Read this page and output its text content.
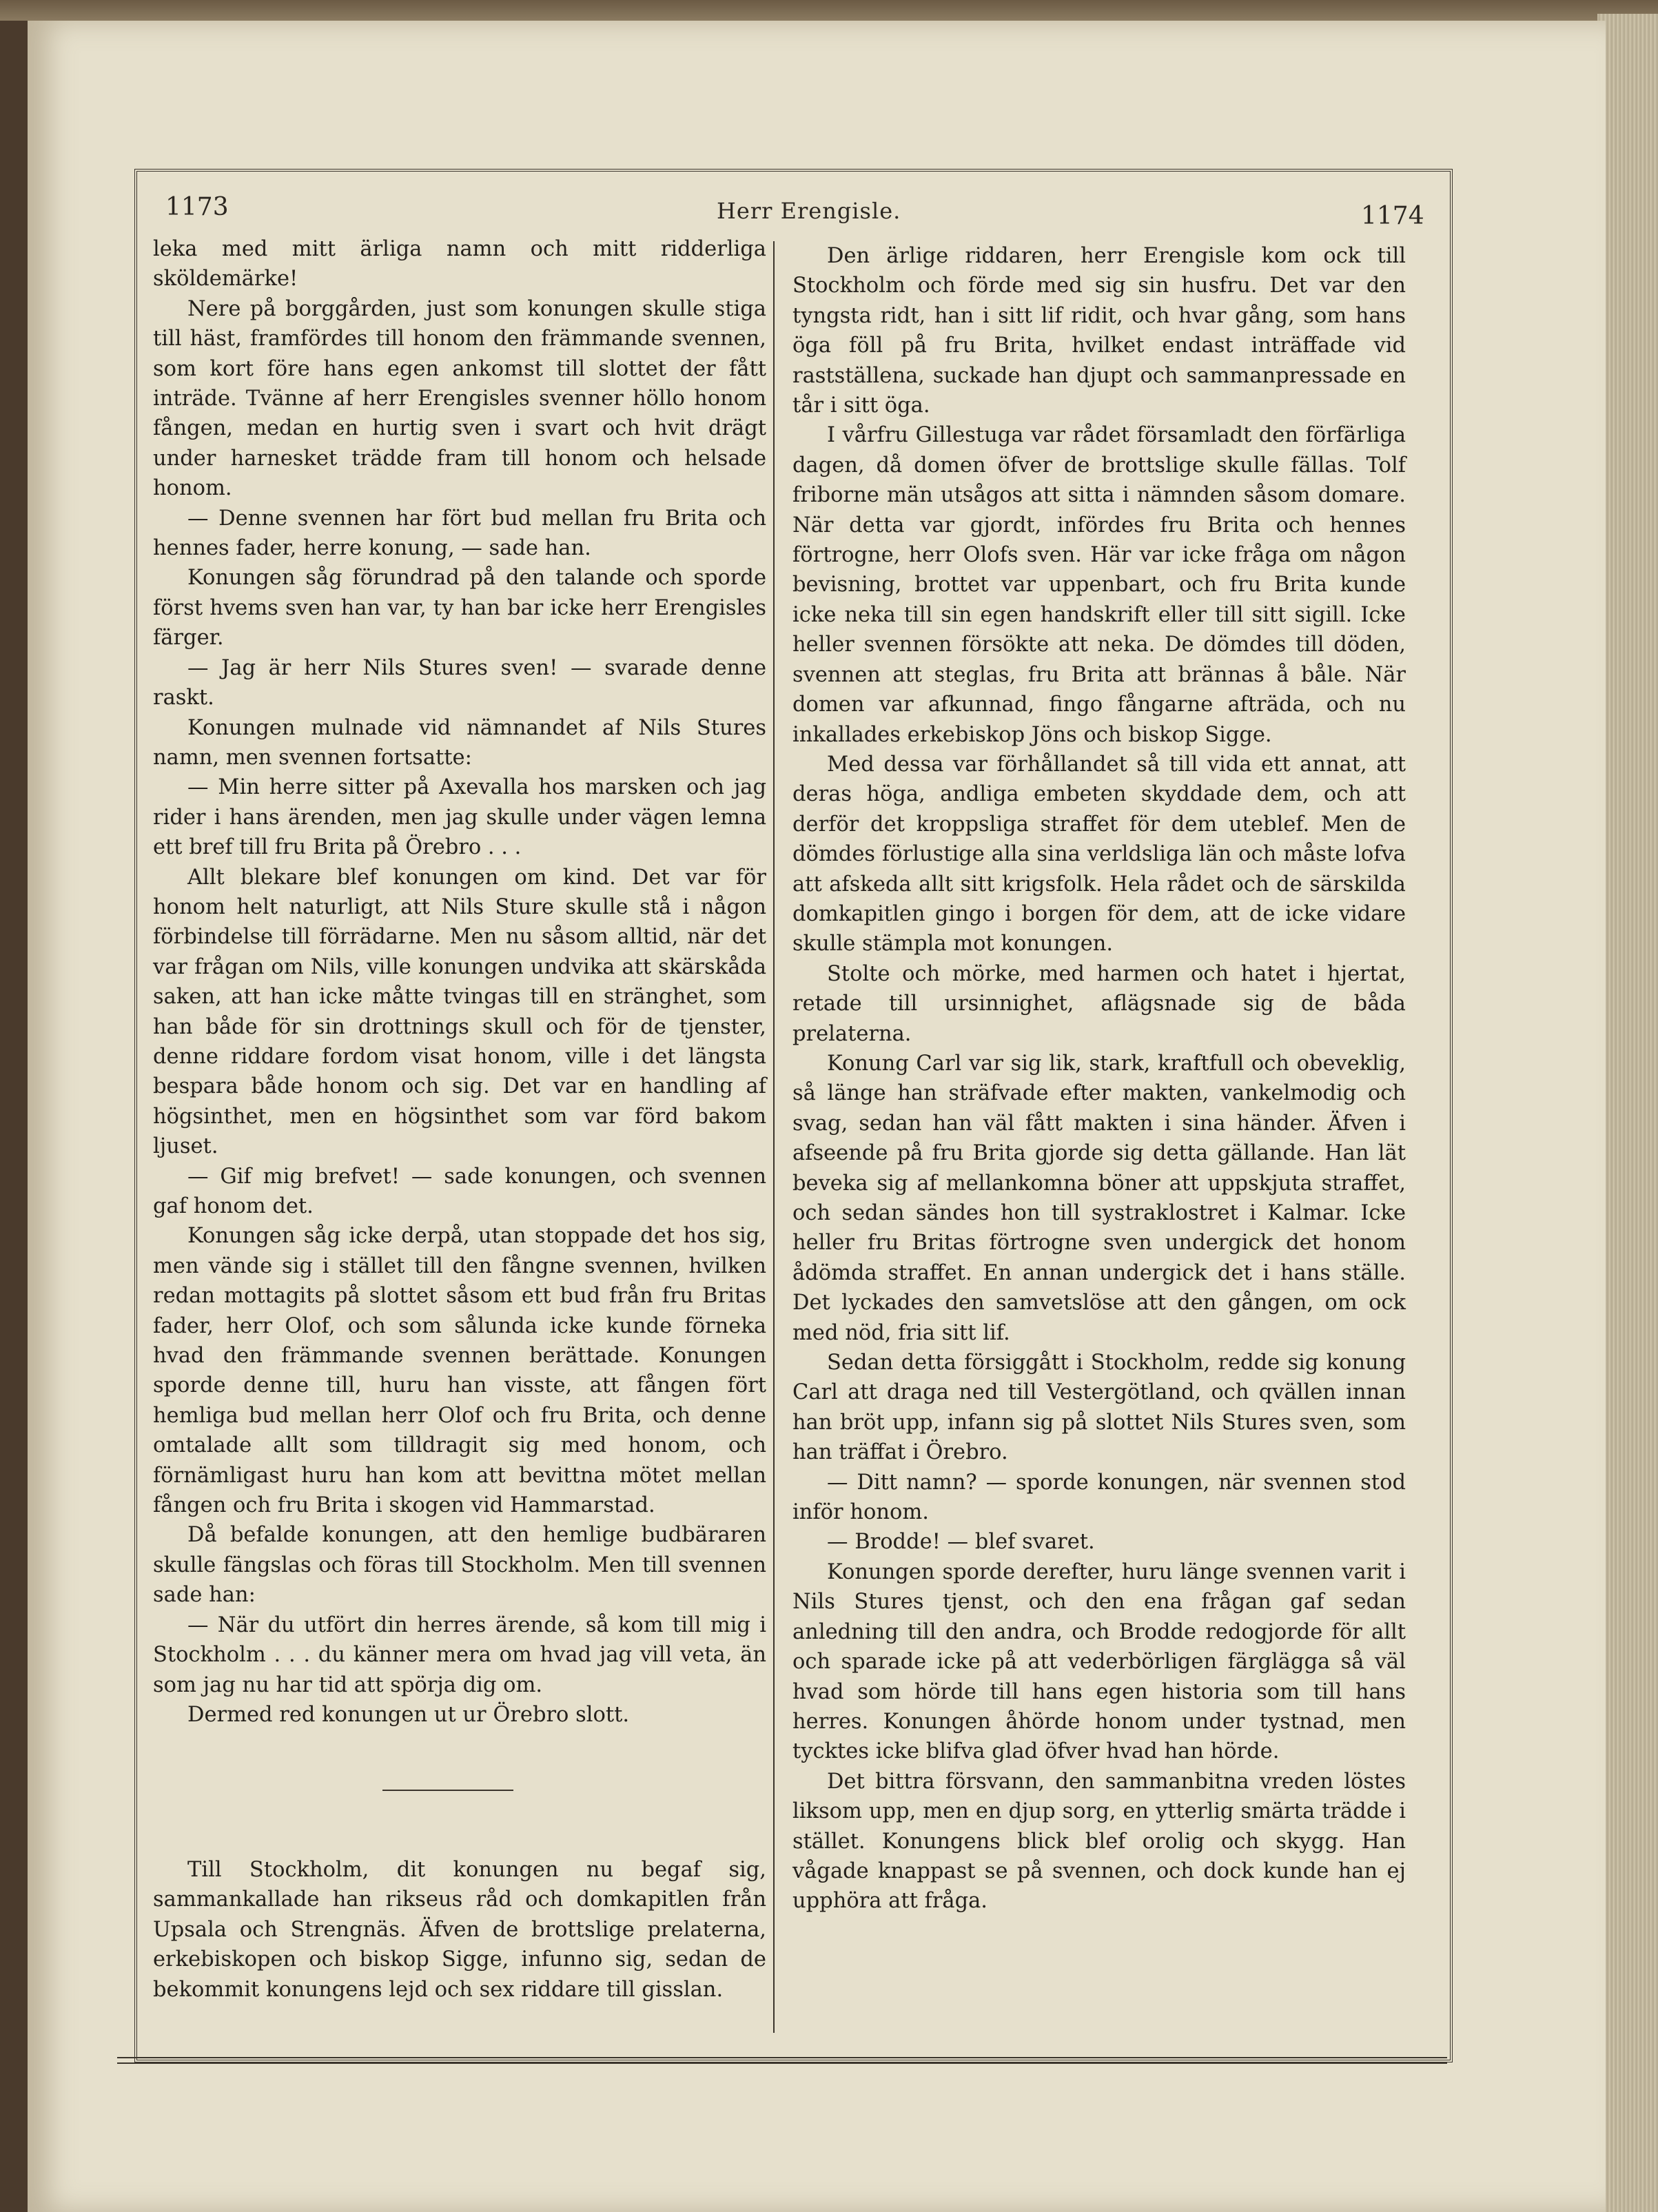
1173	Herr Erengisle.	1174

leka med mitt ärliga namn och mitt ridderliga sköldemärke!

Nere på borggården, just som konungen skulle stiga till häst, framfördes till honom den främmande svennen, som kort före hans egen ankomst till slottet der fått inträde. Tvänne af herr Erengisles svenner höllo honom fången, medan en hurtig sven i svart och hvit drägt under harnesket trädde fram till honom och helsade honom.

— Denne svennen har fört bud mellan fru Brita och hennes fader, herre konung, — sade han.

Konungen såg förundrad på den talande och sporde först hvems sven han var, ty han bar icke herr Erengisles färger.

— Jag är herr Nils Stures sven! — svarade denne raskt.

Konungen mulnade vid nämnandet af Nils Stures namn, men svennen fortsatte:

— Min herre sitter på Axevalla hos marsken och jag rider i hans ärenden, men jag skulle under vägen lemna ett bref till fru Brita på Örebro . . .

Allt blekare blef konungen om kind. Det var för honom helt naturligt, att Nils Sture skulle stå i någon förbindelse till förrädarne. Men nu såsom alltid, när det var frågan om Nils, ville konungen undvika att skärskåda saken, att han icke måtte tvingas till en stränghet, som han både för sin drottnings skull och för de tjenster, denne riddare fordom visat honom, ville i det längsta bespara både honom och sig. Det var en handling af högsinthet, men en högsinthet som var förd bakom ljuset.

— Gif mig brefvet! — sade konungen, och svennen gaf honom det.

Konungen såg icke derpå, utan stoppade det hos sig, men vände sig i stället till den fångne svennen, hvilken redan mottagits på slottet såsom ett bud från fru Britas fader, herr Olof, och som sålunda icke kunde förneka hvad den främmande svennen berättade. Konungen sporde denne till, huru han visste, att fången fört hemliga bud mellan herr Olof och fru Brita, och denne omtalade allt som tilldragit sig med honom, och förnämligast huru han kom att bevittna mötet mellan fången och fru Brita i skogen vid Hammarstad.

Då befalde konungen, att den hemlige budbäraren skulle fängslas och föras till Stockholm. Men till svennen sade han:

— När du utfört din herres ärende, så kom till mig i Stockholm . . . du känner mera om hvad jag vill veta, än som jag nu har tid att spörja dig om.

Dermed red konungen ut ur Örebro slott.

Till Stockholm, dit konungen nu begaf sig, sammankallade han rikseus råd och domkapitlen från Upsala och Strengnäs. Äfven de brottslige prelaterna, erkebiskopen och biskop Sigge, infunno sig, sedan de bekommit konungens lejd och sex riddare till gisslan.

Den ärlige riddaren, herr Erengisle kom ock till Stockholm och förde med sig sin husfru. Det var den tyngsta ridt, han i sitt lif ridit, och hvar gång, som hans öga föll på fru Brita, hvilket endast inträffade vid rastställena, suckade han djupt och sammanpressade en tår i sitt öga.

I vårfru Gillestuga var rådet församladt den förfärliga dagen, då domen öfver de brottslige skulle fällas. Tolf friborne män utsågos att sitta i nämnden såsom domare. När detta var gjordt, infördes fru Brita och hennes förtrogne, herr Olofs sven. Här var icke fråga om någon bevisning, brottet var uppenbart, och fru Brita kunde icke neka till sin egen handskrift eller till sitt sigill. Icke heller svennen försökte att neka. De dömdes till döden, svennen att steglas, fru Brita att brännas å båle. När domen var afkunnad, fingo fångarne afträda, och nu inkallades erkebiskop Jöns och biskop Sigge.

Med dessa var förhållandet så till vida ett annat, att deras höga, andliga embeten skyddade dem, och att derför det kroppsliga straffet för dem uteblef. Men de dömdes förlustige alla sina verldsliga län och måste lofva att afskeda allt sitt krigsfolk. Hela rådet och de särskilda domkapitlen gingo i borgen för dem, att de icke vidare skulle stämpla mot konungen.

Stolte och mörke, med harmen och hatet i hjertat, retade till ursinnighet, aflägsnade sig de båda prelaterna.

Konung Carl var sig lik, stark, kraftfull och obeveklig, så länge han sträfvade efter makten, vankelmodig och svag, sedan han väl fått makten i sina händer. Äfven i afseende på fru Brita gjorde sig detta gällande. Han lät beveka sig af mellankomna böner att uppskjuta straffet, och sedan sändes hon till systraklostret i Kalmar. Icke heller fru Britas förtrogne sven undergick det honom ådömda straffet. En annan undergick det i hans ställe. Det lyckades den samvetslöse att den gången, om ock med nöd, fria sitt lif.

Sedan detta försiggått i Stockholm, redde sig konung Carl att draga ned till Vestergötland, och qvällen innan han bröt upp, infann sig på slottet Nils Stures sven, som han träffat i Örebro.

— Ditt namn? — sporde konungen, när svennen stod inför honom.

— Brodde! — blef svaret.

Konungen sporde derefter, huru länge svennen varit i Nils Stures tjenst, och den ena frågan gaf sedan anledning till den andra, och Brodde redogjorde för allt och sparade icke på att vederbörligen färglägga så väl hvad som hörde till hans egen historia som till hans herres. Konungen åhörde honom under tystnad, men tycktes icke blifva glad öfver hvad han hörde.

Det bittra försvann, den sammanbitna vreden löstes liksom upp, men en djup sorg, en ytterlig smärta trädde i stället. Konungens blick blef orolig och skygg. Han vågade knappast se på svennen, och dock kunde han ej upphöra att fråga.
